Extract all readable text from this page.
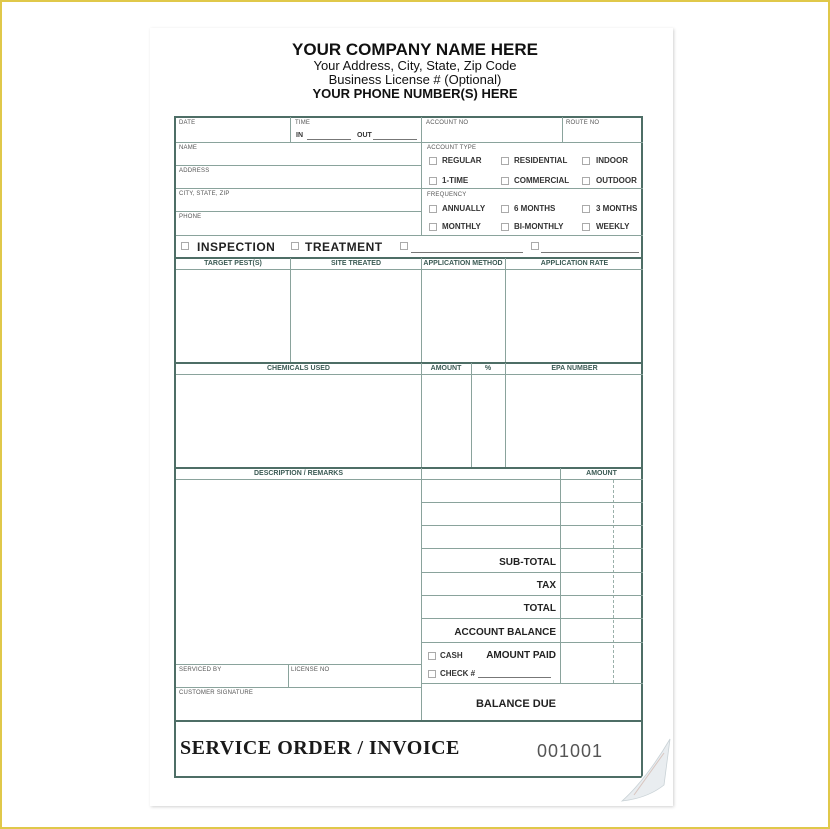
YOUR COMPANY NAME HERE
Your Address, City, State, Zip Code
Business License # (Optional)
YOUR PHONE NUMBER(S) HERE
DATE	TIME
IN	OUT
ACCOUNT NO	ROUTE NO
NAME
ADDRESS
CITY, STATE, ZIP
PHONE
ACCOUNT TYPE
FREQUENCY
REGULAR	RESIDENTIAL	INDOOR
1-TIME	COMMERCIAL	OUTDOOR
ANNUALLY	6 MONTHS	3 MONTHS
MONTHLY	BI-MONTHLY	WEEKLY
INSPECTION TREATMENT
TARGET PEST(S)	SITE TREATED	APPLICATION METHOD	APPLICATION RATE
CHEMICALS USED	AMOUNT	%	EPA NUMBER
DESCRIPTION / REMARKS	AMOUNT
SUB-TOTAL
TAX
TOTAL
ACCOUNT BALANCE
AMOUNT PAID
BALANCE DUE
CASH
CHECK #
SERVICED BY	LICENSE NO
CUSTOMER SIGNATURE
SERVICE ORDER / INVOICE	001001
